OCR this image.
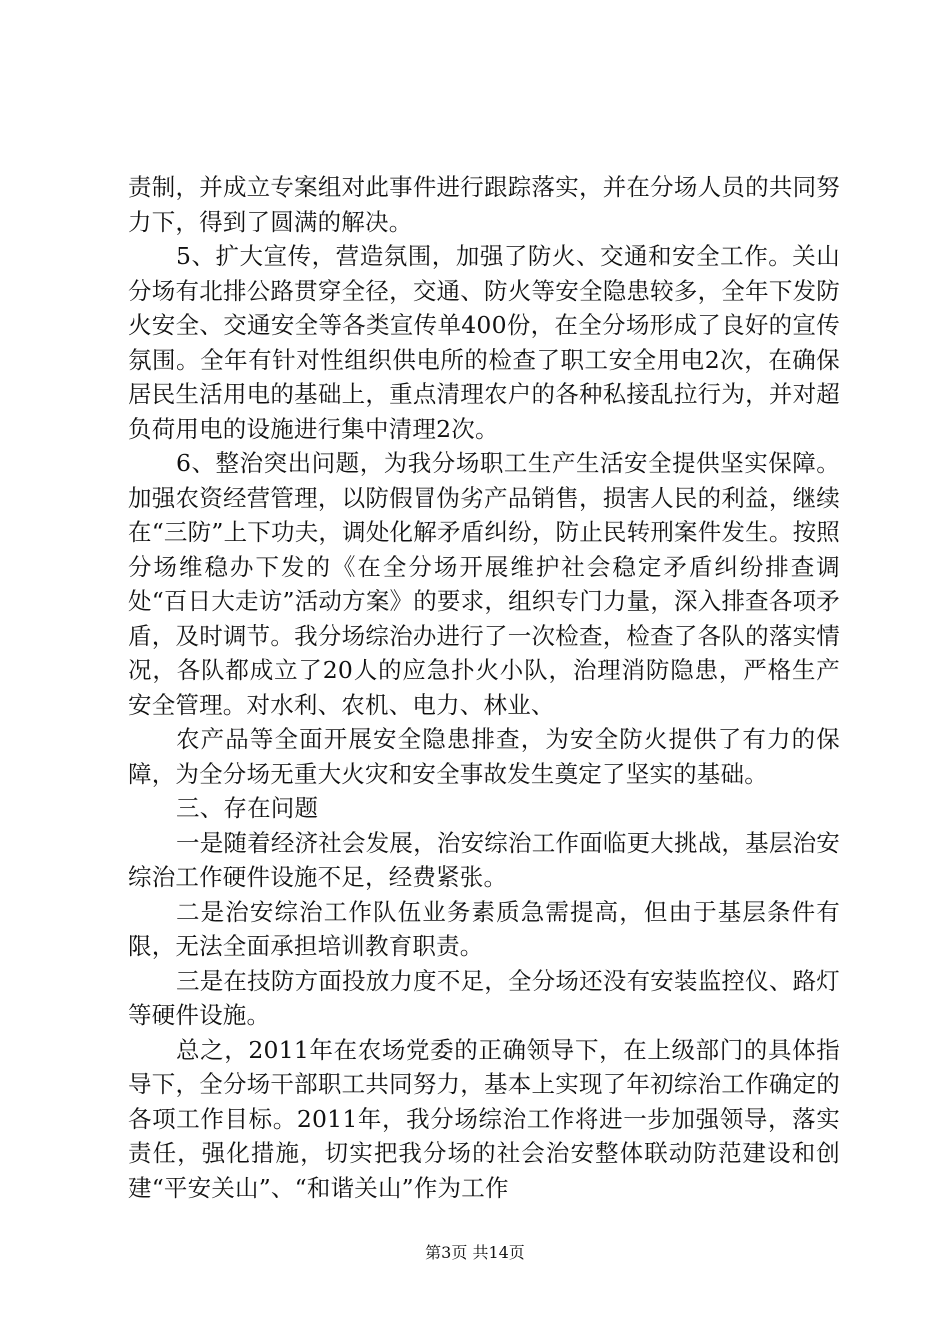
责制，并成立专案组对此事件进行跟踪落实，并在分场人员的共同努力下，得到了圆满的解决。

5、扩大宣传，营造氛围，加强了防火、交通和安全工作。关山分场有北排公路贯穿全径，交通、防火等安全隐患较多，全年下发防火安全、交通安全等各类宣传单400份，在全分场形成了良好的宣传氛围。全年有针对性组织供电所的检查了职工安全用电2次，在确保居民生活用电的基础上，重点清理农户的各种私接乱拉行为，并对超负荷用电的设施进行集中清理2次。

6、整治突出问题，为我分场职工生产生活安全提供坚实保障。加强农资经营管理，以防假冒伪劣产品销售，损害人民的利益，继续在“三防”上下功夫，调处化解矛盾纠纷，防止民转刑案件发生。按照分场维稳办下发的《在全分场开展维护社会稳定矛盾纠纷排查调处“百日大走访”活动方案》的要求，组织专门力量，深入排查各项矛盾，及时调节。我分场综治办进行了一次检查，检查了各队的落实情况，各队都成立了20人的应急扑火小队，治理消防隐患，严格生产安全管理。对水利、农机、电力、林业、

农产品等全面开展安全隐患排查，为安全防火提供了有力的保障，为全分场无重大火灾和安全事故发生奠定了坚实的基础。

三、存在问题

一是随着经济社会发展，治安综治工作面临更大挑战，基层治安综治工作硬件设施不足，经费紧张。

二是治安综治工作队伍业务素质急需提高，但由于基层条件有限，无法全面承担培训教育职责。

三是在技防方面投放力度不足，全分场还没有安装监控仪、路灯等硬件设施。

总之，2011年在农场党委的正确领导下，在上级部门的具体指导下，全分场干部职工共同努力，基本上实现了年初综治工作确定的各项工作目标。2011年，我分场综治工作将进一步加强领导，落实责任，强化措施，切实把我分场的社会治安整体联动防范建设和创建“平安关山”、“和谐关山”作为工作

第3页 共14页
